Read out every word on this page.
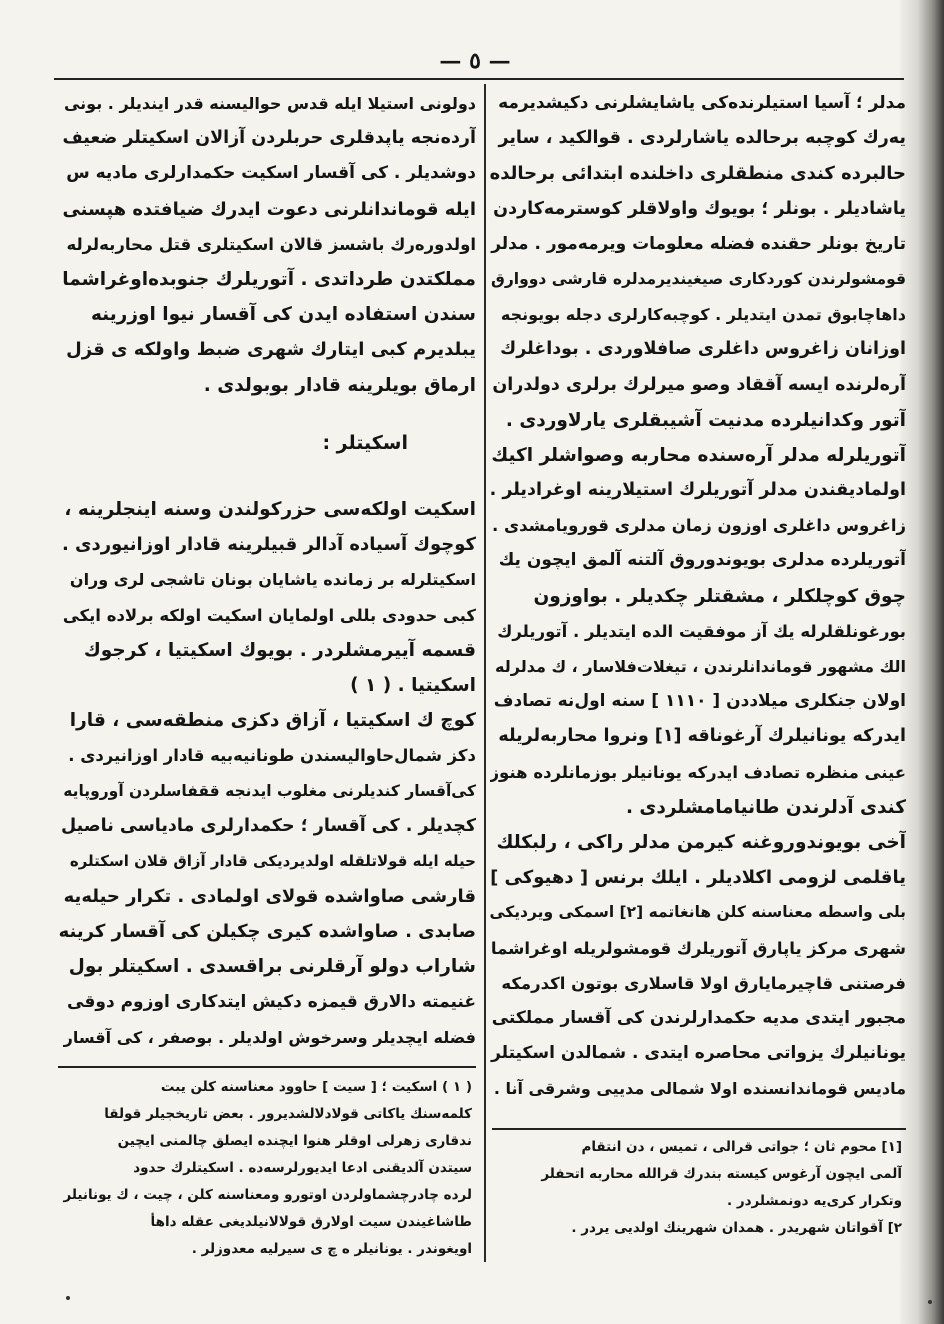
— ٥ —
مدلر ؛ آسیا استیلرنده‌کی یاشایشلرنی دکیشدیرمه‌
یه‌رك کوچبه برحالده یاشارلردی . قوالکید ، سایر
حالبرده کندی منطقلری داخلنده ابتدائی برحالده
یاشادیلر . بونلر ؛ بویوك واولاقلر کوسترمه‌کاردن
تاریخ بونلر حقنده فضله معلومات ویرمه‌مور . مدلر
قومشولرندن کوردکاری صیغیندیرمدلره قارشی دووارق
داهاچابوق تمدن ایتدیلر . کوچبه‌کارلری دجله بویونجه
اوزانان زاغروس داغلری صافلاوردی . بوداغلرك
آره‌لرنده ایسه آققاد وصو میرلرك برلری دولدران
آتور وکدانیلرده مدنیت آشیبقلری یارلاوردی .
آتوریلرله مدلر آره‌سنده محاربه وصواشلر اکیك
اولمادیقندن مدلر آتوریلرك استیلارینه اوغرادیلر .
زاغروس داغلری اوزون زمان مدلری قورویامشدی .
آتوریلرده مدلری بویوندوروق آلتنه آلمق ایچون یك
چوق کوچلکلر ، مشقتلر چکدیلر . بواوزون
بورغونلقلرله یك آز موفقیت الده ایتدیلر . آتوریلرك
الك مشهور قوماندانلرندن ، تیغلات‌فلاسار ، ك مدلرله
اولان جنکلری میلاددن [ ١١١٠ ] سنه اول‌نه تصادف
ایدرکه یونانیلرك آرغوناقه [١] ونروا محاربه‌لریله
عینی منظره تصادف ایدرکه یونانیلر بوزمانلرده هنوز
کندی آدلرندن طانیامامشلردی .
آخی بویوندوروغنه کیرمن مدلر راکی ، رلبکلك
یاقلمی لزومی اکلادیلر . ایلك برنس [ دهیوکی ]
بلی واسطه معناسنه کلن هانغاتمه [٢] اسمکی ویردیکی
شهری مرکز یاپارق آتوریلرك قومشولریله اوغراشما
فرصتنی قاچیرمایارق اولا قاسلاری بوتون اکدرمکه
مجبور ایتدی مدیه حکمدارلرندن کی آقسار مملکتی
یونانیلرك یزواتی محاصره ایتدی . شمالدن اسکیتلر
مادیس قوماندانسنده اولا شمالی مدییی وشرقی آنا .
دولونی استیلا ایله قدس حوالیسنه قدر ایندیلر . بونی
آرده‌نجه یاپدقلری حربلردن آزالان اسکیتلر ضعیف
دوشدیلر . کی آقسار اسکیت حکمدارلری مادیه س
ایله قوماندانلرنی دعوت ایدرك ضیافتده هپسنی
اولدوره‌رك باشسز قالان اسکیتلری قتل محاربه‌لرله
مملکتدن طرداتدی . آتوریلرك جنوبده‌اوغراشما
سندن استفاده ایدن کی آقسار نیوا اوزرینه
یبلدیرم کبی ایتارك شهری ضبط واولکه ی قزل
ارماق بویلرینه قادار بوبولدی .
اسکیتلر :
اسکیت اولکه‌سی حزرکولندن وسنه اینجلرینه ،
کوچوك آسیاده آدالر قبیلرینه قادار اوزانیوردی .
اسکیتلرله بر زمانده یاشایان بونان تاشجی لری وران
کبی حدودی بللی اولمایان اسکیت اولکه برلاده ایکی
قسمه آییرمشلردر . بویوك اسکیتیا ، کرجوك
اسکیتیا . ( ١ )
کوچ ك اسکیتیا ، آزاق دکزی منطقه‌سی ، قارا
دکز شمال‌حاوالیسندن طونانیه‌بیه قادار اوزانیردی .
کی‌آقسار کندیلرنی مغلوب ایدنجه ققفاسلردن آوروپایه
کچدیلر . کی آقسار ؛ حکمدارلری مادیاسی ناصیل
حیله ایله قولاتلقله اولدیردیکی قادار آزاق قلان اسکتلره
قارشی صاواشده قولای اولمادی . تکرار حیله‌یه
صابدی . صاواشده کیری چکیلن کی آقسار کرینه
شاراب دولو آرقلرنی براقسدی . اسکیتلر بول
غنیمته دالارق قیمزه دکیش ایتدکاری اوزوم دوقی
فضله ایچدیلر وسرخوش اولدیلر . بوصفر ، کی آقسار
( ١ ) اسکیت ؛ [ سیت ] حاوود معناسنه کلن یبت
کلمه‌سنك یاکاتی قولادلالشدیرور . بعض تاریخجیلر قولقا
ندقاری زهرلی اوقلر هنوا ایچنده ایصلق چالمنی ایچین
سیتدن آلدیقنی ادعا ایدیورلرسه‌ده . اسکیتلرك حدود
لرده چادرچشماولردن اوتورو ومعناسنه کلن ، چیت ، ك یونانیلر
طاشاغیندن سیت اولارق قولالانیلدیغی عقله داهأ
اویغوندر . یونانیلر ه چ ی سیرلیه معدوزلر .
[١] محوم ثان ؛ جواتی قرالی ، تمیس ، دن انتقام
آلمی ایچون آرغوس کیسته بندرك قرالله محاربه اتحفلر
وتکرار کری‌یه دونمشلردر .
٢] آقواتان شهریدر . همدان شهرینك اولدیی یردر .
